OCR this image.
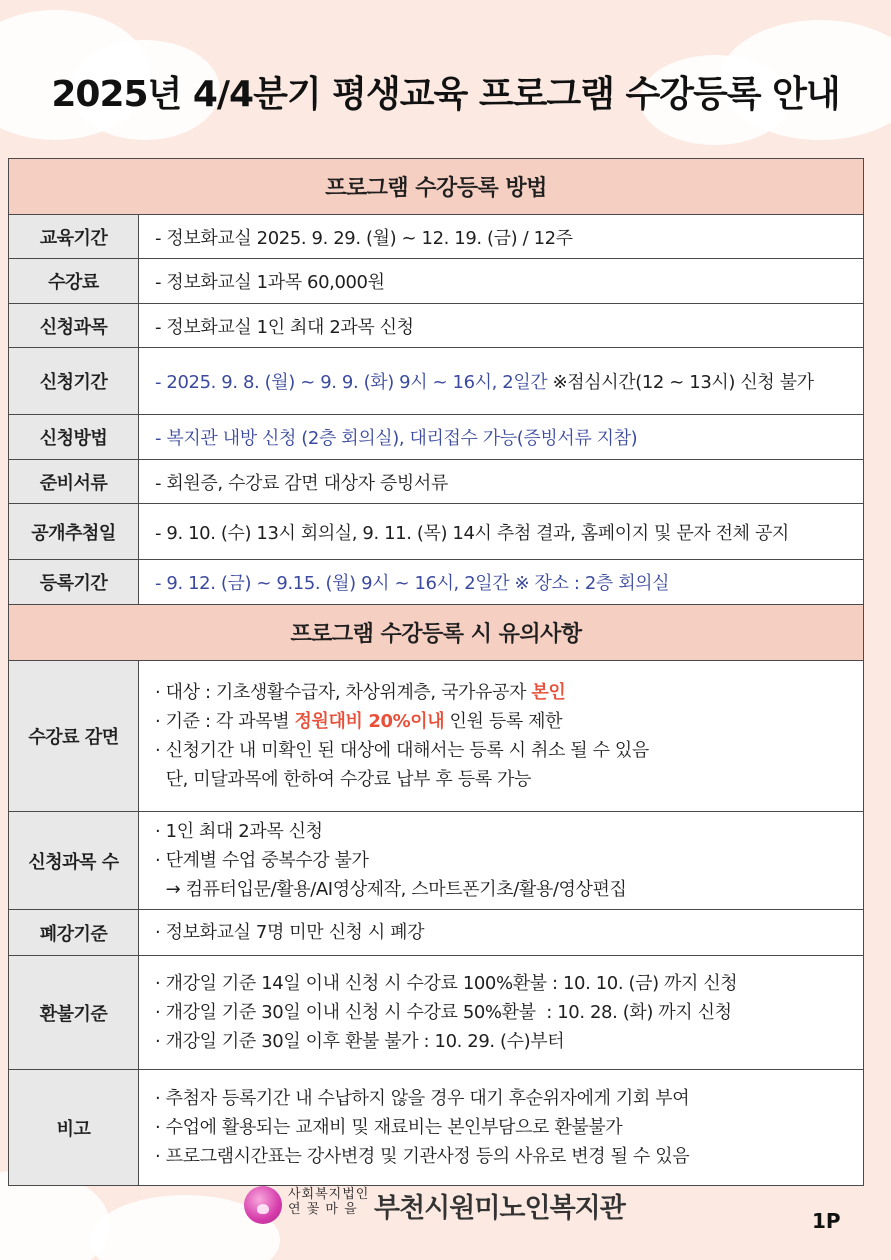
2025년 4/4분기 평생교육 프로그램 수강등록 안내
프로그램 수강등록 방법	
교육기간	- 정보화교실 2025. 9. 29. (월) ~ 12. 19. (금) / 12주
수강료	- 정보화교실 1과목 60,000원
신청과목	- 정보화교실 1인 최대 2과목 신청
신청기간	- 2025. 9. 8. (월) ~ 9. 9. (화) 9시 ~ 16시, 2일간 ※점심시간(12 ~ 13시) 신청 불가
신청방법	- 복지관 내방 신청 (2층 회의실), 대리접수 가능(증빙서류 지참)
준비서류	- 회원증, 수강료 감면 대상자 증빙서류
공개추첨일	- 9. 10. (수) 13시 회의실, 9. 11. (목) 14시 추첨 결과, 홈페이지 및 문자 전체 공지
등록기간	- 9. 12. (금) ~ 9.15. (월) 9시 ~ 16시, 2일간 ※ 장소 : 2층 회의실
프로그램 수강등록 시 유의사항	
수강료 감면	· 대상 : 기초생활수급자, 차상위계층, 국가유공자 본인
· 기준 : 각 과목별 정원대비 20%이내 인원 등록 제한
· 신청기간 내 미확인 된 대상에 대해서는 등록 시 취소 될 수 있음
단, 미달과목에 한하여 수강료 납부 후 등록 가능

신청과목 수	· 1인 최대 2과목 신청
· 단계별 수업 중복수강 불가
→ 컴퓨터입문/활용/AI영상제작, 스마트폰기초/활용/영상편집

폐강기준	· 정보화교실 7명 미만 신청 시 폐강

환불기준	· 개강일 기준 14일 이내 신청 시 수강료 100%환불 : 10. 10. (금) 까지 신청
· 개강일 기준 30일 이내 신청 시 수강료 50%환불  : 10. 28. (화) 까지 신청
· 개강일 기준 30일 이후 환불 불가 : 10. 29. (수)부터

비고	· 추첨자 등록기간 내 수납하지 않을 경우 대기 후순위자에게 기회 부여
· 수업에 활용되는 교재비 및 재료비는 본인부담으로 환불불가
· 프로그램시간표는 강사변경 및 기관사정 등의 사유로 변경 될 수 있음
사회복지법인
연 꽃 마 을 부천시원미노인복지관	1P
